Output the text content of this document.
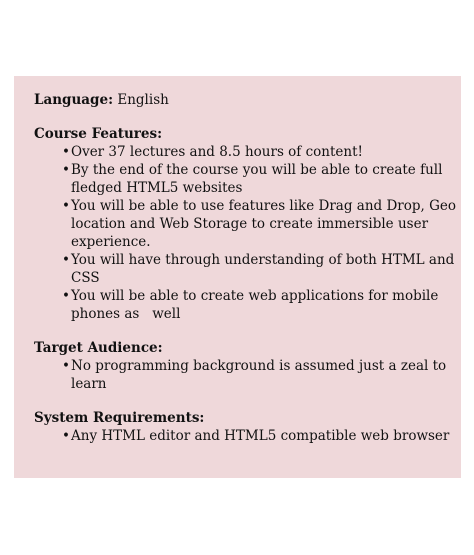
Language: English
Course Features:
• Over 37 lectures and 8.5 hours of content!
• By the end of the course you will be able to create full
fledged HTML5 websites
• You will be able to use features like Drag and Drop, Geo
location and Web Storage to create immersible user
experience.
• You will have through understanding of both HTML and
CSS
• You will be able to create web applications for mobile
phones as   well
Target Audience:
• No programming background is assumed just a zeal to
learn
System Requirements:
• Any HTML editor and HTML5 compatible web browser
